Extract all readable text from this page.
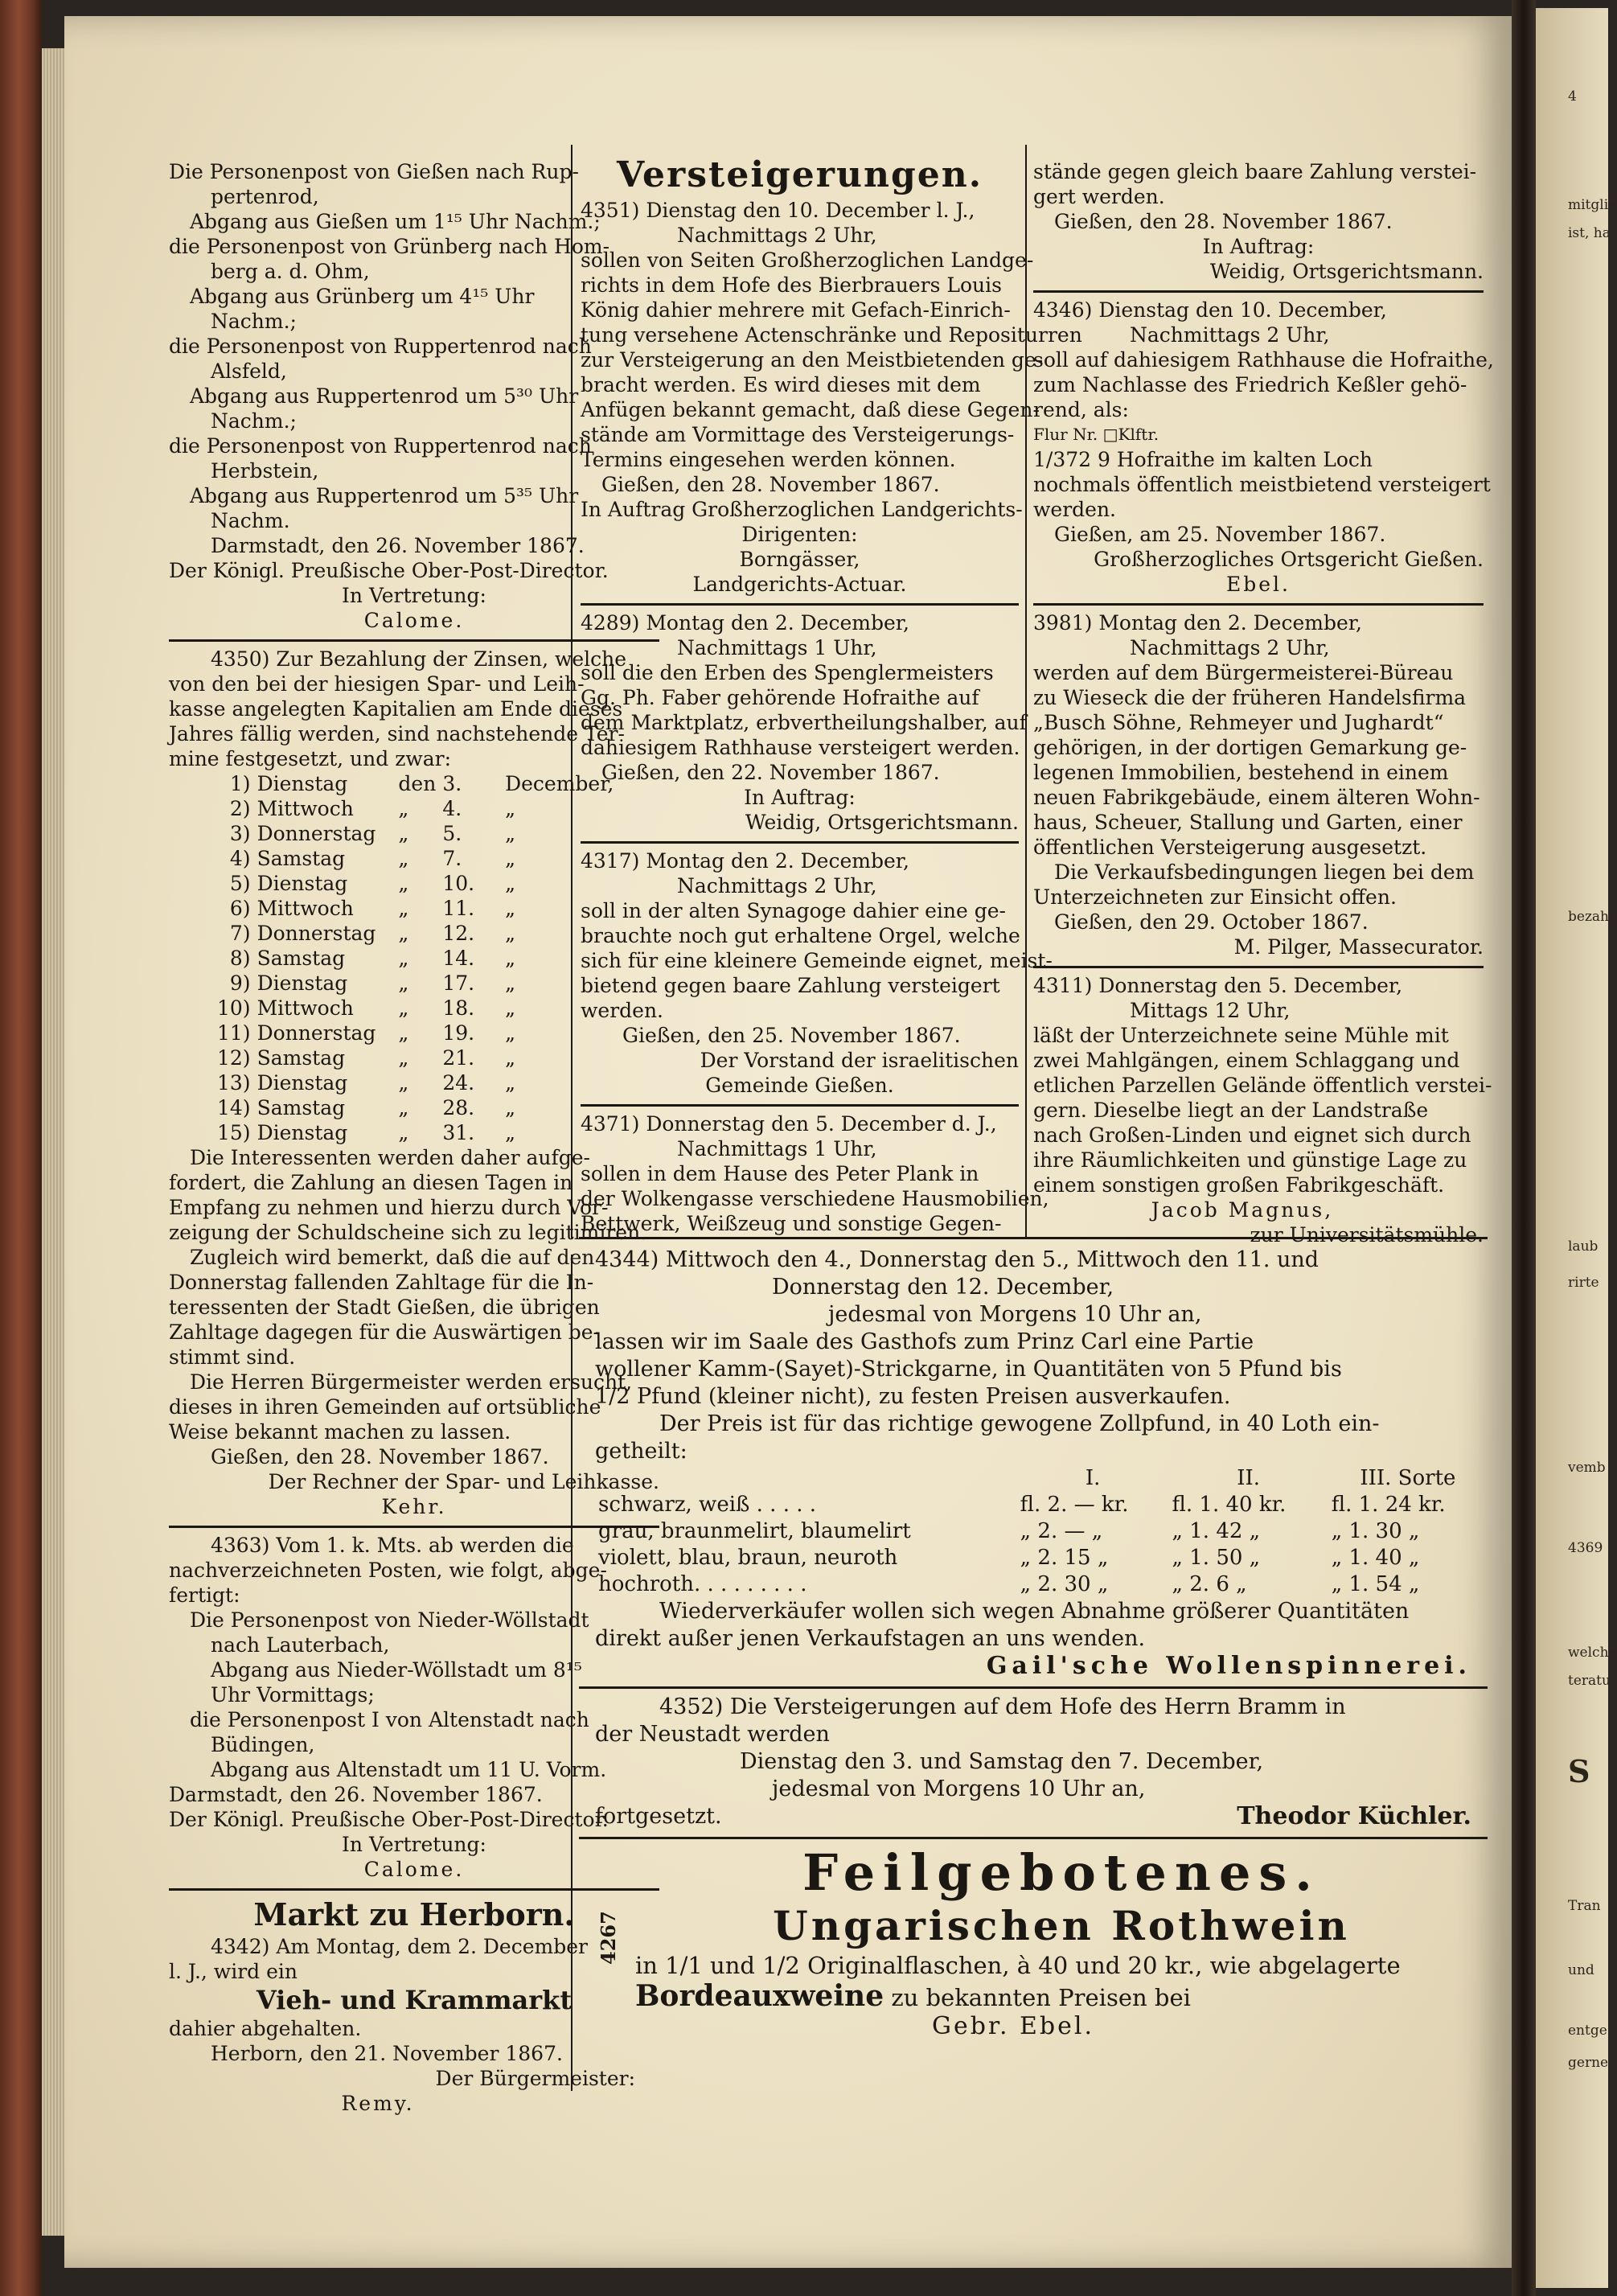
Die Personenpost von Gießen nach Rup-
pertenrod,
Abgang aus Gießen um 1¹⁵ Uhr Nachm.;
die Personenpost von Grünberg nach Hom-
berg a. d. Ohm,
Abgang aus Grünberg um 4¹⁵ Uhr
Nachm.;
die Personenpost von Ruppertenrod nach
Alsfeld,
Abgang aus Ruppertenrod um 5³⁰ Uhr
Nachm.;
die Personenpost von Ruppertenrod nach
Herbstein,
Abgang aus Ruppertenrod um 5³⁵ Uhr
Nachm.
Darmstadt, den 26. November 1867.
Der Königl. Preußische Ober-Post-Director.
In Vertretung:
Calome.
4350) Zur Bezahlung der Zinsen, welche
von den bei der hiesigen Spar- und Leih-
kasse angelegten Kapitalien am Ende dieses
Jahres fällig werden, sind nachstehende Ter-
mine festgesetzt, und zwar:
1)	Dienstag	den	3.	December,
2)	Mittwoch	„	4.	„
3)	Donnerstag	„	5.	„
4)	Samstag	„	7.	„
5)	Dienstag	„	10.	„
6)	Mittwoch	„	11.	„
7)	Donnerstag	„	12.	„
8)	Samstag	„	14.	„
9)	Dienstag	„	17.	„
10)	Mittwoch	„	18.	„
11)	Donnerstag	„	19.	„
12)	Samstag	„	21.	„
13)	Dienstag	„	24.	„
14)	Samstag	„	28.	„
15)	Dienstag	„	31.	„
Die Interessenten werden daher aufge-
fordert, die Zahlung an diesen Tagen in
Empfang zu nehmen und hierzu durch Vor-
zeigung der Schuldscheine sich zu legitimiren.
Zugleich wird bemerkt, daß die auf den
Donnerstag fallenden Zahltage für die In-
teressenten der Stadt Gießen, die übrigen
Zahltage dagegen für die Auswärtigen be-
stimmt sind.
Die Herren Bürgermeister werden ersucht,
dieses in ihren Gemeinden auf ortsübliche
Weise bekannt machen zu lassen.
Gießen, den 28. November 1867.
Der Rechner der Spar- und Leihkasse.
Kehr.
4363) Vom 1. k. Mts. ab werden die
nachverzeichneten Posten, wie folgt, abge-
fertigt:
Die Personenpost von Nieder-Wöllstadt
nach Lauterbach,
Abgang aus Nieder-Wöllstadt um 8¹⁵
Uhr Vormittags;
die Personenpost I von Altenstadt nach
Büdingen,
Abgang aus Altenstadt um 11 U. Vorm.
Darmstadt, den 26. November 1867.
Der Königl. Preußische Ober-Post-Director.
In Vertretung:
Calome.
Markt zu Herborn.
4342) Am Montag, dem 2. December
l. J., wird ein
Vieh- und Krammarkt
dahier abgehalten.
Herborn, den 21. November 1867.
Der Bürgermeister:
Remy.
Versteigerungen.
4351) Dienstag den 10. December l. J.,
Nachmittags 2 Uhr,
sollen von Seiten Großherzoglichen Landge-
richts in dem Hofe des Bierbrauers Louis
König dahier mehrere mit Gefach-Einrich-
tung versehene Actenschränke und Repositurren
zur Versteigerung an den Meistbietenden ge-
bracht werden. Es wird dieses mit dem
Anfügen bekannt gemacht, daß diese Gegen-
stände am Vormittage des Versteigerungs-
Termins eingesehen werden können.
Gießen, den 28. November 1867.
In Auftrag Großherzoglichen Landgerichts-
Dirigenten:
Borngässer,
Landgerichts-Actuar.
4289) Montag den 2. December,
Nachmittags 1 Uhr,
soll die den Erben des Spenglermeisters
Gg. Ph. Faber gehörende Hofraithe auf
dem Marktplatz, erbvertheilungshalber, auf
dahiesigem Rathhause versteigert werden.
Gießen, den 22. November 1867.
In Auftrag:
Weidig, Ortsgerichtsmann.
4317) Montag den 2. December,
Nachmittags 2 Uhr,
soll in der alten Synagoge dahier eine ge-
brauchte noch gut erhaltene Orgel, welche
sich für eine kleinere Gemeinde eignet, meist-
bietend gegen baare Zahlung versteigert
werden.
Gießen, den 25. November 1867.
Der Vorstand der israelitischen
Gemeinde Gießen.
4371) Donnerstag den 5. December d. J.,
Nachmittags 1 Uhr,
sollen in dem Hause des Peter Plank in
der Wolkengasse verschiedene Hausmobilien,
Bettwerk, Weißzeug und sonstige Gegen-
stände gegen gleich baare Zahlung verstei-
gert werden.
Gießen, den 28. November 1867.
In Auftrag:
Weidig, Ortsgerichtsmann.
4346) Dienstag den 10. December,
Nachmittags 2 Uhr,
soll auf dahiesigem Rathhause die Hofraithe,
zum Nachlasse des Friedrich Keßler gehö-
rend, als:
Flur Nr. □Klftr.
1/372 9 Hofraithe im kalten Loch
nochmals öffentlich meistbietend versteigert
werden.
Gießen, am 25. November 1867.
Großherzogliches Ortsgericht Gießen.
Ebel.
3981) Montag den 2. December,
Nachmittags 2 Uhr,
werden auf dem Bürgermeisterei-Büreau
zu Wieseck die der früheren Handelsfirma
„Busch Söhne, Rehmeyer und Jughardt“
gehörigen, in der dortigen Gemarkung ge-
legenen Immobilien, bestehend in einem
neuen Fabrikgebäude, einem älteren Wohn-
haus, Scheuer, Stallung und Garten, einer
öffentlichen Versteigerung ausgesetzt.
Die Verkaufsbedingungen liegen bei dem
Unterzeichneten zur Einsicht offen.
Gießen, den 29. October 1867.
M. Pilger, Massecurator.
4311) Donnerstag den 5. December,
Mittags 12 Uhr,
läßt der Unterzeichnete seine Mühle mit
zwei Mahlgängen, einem Schlaggang und
etlichen Parzellen Gelände öffentlich verstei-
gern. Dieselbe liegt an der Landstraße
nach Großen-Linden und eignet sich durch
ihre Räumlichkeiten und günstige Lage zu
einem sonstigen großen Fabrikgeschäft.
Jacob Magnus,
zur Universitätsmühle.
4344) Mittwoch den 4., Donnerstag den 5., Mittwoch den 11. und
Donnerstag den 12. December,
jedesmal von Morgens 10 Uhr an,
lassen wir im Saale des Gasthofs zum Prinz Carl eine Partie
wollener Kamm-(Sayet)-Strickgarne, in Quantitäten von 5 Pfund bis
1/2 Pfund (kleiner nicht), zu festen Preisen ausverkaufen.
Der Preis ist für das richtige gewogene Zollpfund, in 40 Loth ein-
getheilt:
	I.	II.	III. Sorte
schwarz, weiß . . . . .	fl. 2. — kr.	fl. 1. 40 kr.	fl. 1. 24 kr.
grau, braunmelirt, blaumelirt	„ 2. — „	„ 1. 42 „	„ 1. 30 „
violett, blau, braun, neuroth	„ 2. 15 „	„ 1. 50 „	„ 1. 40 „
hochroth. . . . . . . . .	„ 2. 30 „	„ 2. 6 „	„ 1. 54 „
Wiederverkäufer wollen sich wegen Abnahme größerer Quantitäten
direkt außer jenen Verkaufstagen an uns wenden.
Gail'sche Wollenspinnerei.
4352) Die Versteigerungen auf dem Hofe des Herrn Bramm in
der Neustadt werden
Dienstag den 3. und Samstag den 7. December,
jedesmal von Morgens 10 Uhr an,
fortgesetzt.	Theodor Küchler.
4267
Feilgebotenes.
Ungarischen Rothwein
in 1/1 und 1/2 Originalflaschen, à 40 und 20 kr., wie abgelagerte
Bordeauxweine zu bekannten Preisen bei
Gebr. Ebel.
4
mitglie
ist, ha
bezahl
laub
rirte
vemb
4369
welche
teratu
S
Tran
und
entge
gerne
